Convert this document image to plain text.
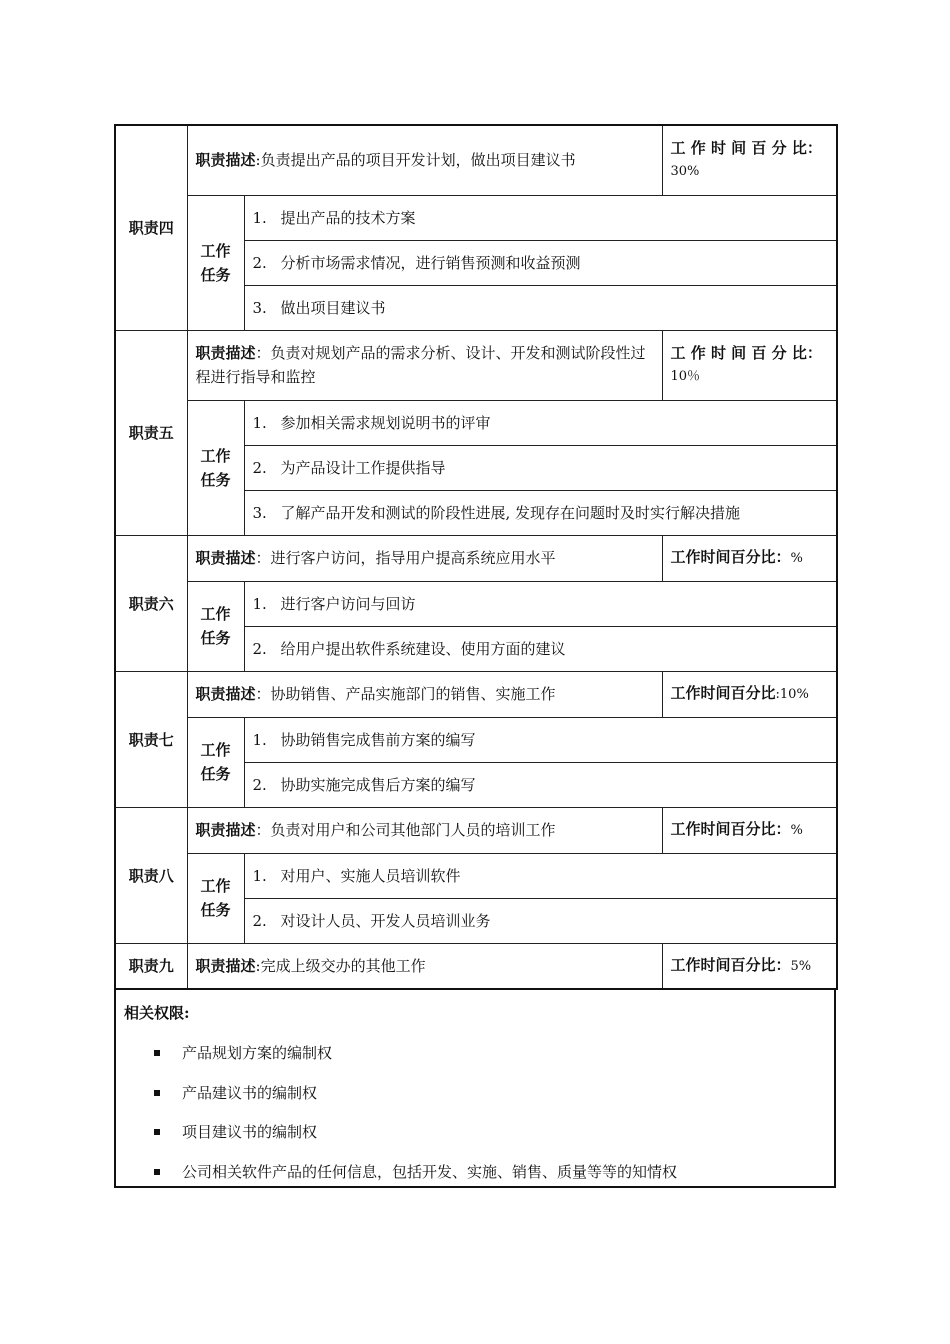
职责四	职责描述:负责提出产品的项目开发计划，做出项目建议书		工 作 时 间 百 分 比：
30%
	工作
任务	1. 提出产品的技术方案	
		2. 分析市场需求情况，进行销售预测和收益预测	
		3. 做出项目建议书	
职责五	职责描述：负责对规划产品的需求分析、设计、开发和测试阶段性过程进行指导和监控		工 作 时 间 百 分 比：
10％
	工作
任务	1. 参加相关需求规划说明书的评审	
		2. 为产品设计工作提供指导	
		3. 了解产品开发和测试的阶段性进展, 发现存在问题时及时实行解决措施	
职责六	职责描述：进行客户访问，指导用户提高系统应用水平		工作时间百分比：%
	工作
任务	1. 进行客户访问与回访	
		2. 给用户提出软件系统建设、使用方面的建议	
职责七	职责描述：协助销售、产品实施部门的销售、实施工作		工作时间百分比:10%
	工作
任务	1. 协助销售完成售前方案的编写	
		2. 协助实施完成售后方案的编写	
职责八	职责描述：负责对用户和公司其他部门人员的培训工作		工作时间百分比：%
	工作
任务	1. 对用户、实施人员培训软件	
		2. 对设计人员、开发人员培训业务	
职责九	职责描述:完成上级交办的其他工作		工作时间百分比：5%
相关权限:
产品规划方案的编制权
产品建议书的编制权
项目建议书的编制权
公司相关软件产品的任何信息，包括开发、实施、销售、质量等等的知情权
